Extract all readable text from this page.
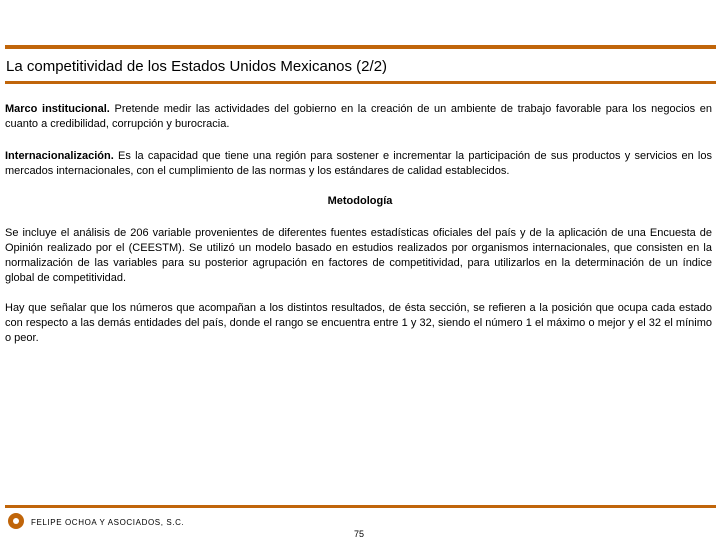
La competitividad de los Estados Unidos Mexicanos (2/2)

Marco institucional. Pretende medir las actividades del gobierno en la creación de un ambiente de trabajo favorable para los negocios en cuanto a credibilidad, corrupción y burocracia.

Internacionalización. Es la capacidad que tiene una región para sostener e incrementar la participación de sus productos y servicios en los mercados internacionales, con el cumplimiento de las normas y los estándares de calidad establecidos.

Metodología

Se incluye el análisis de 206 variable provenientes de diferentes fuentes estadísticas oficiales del país y de la aplicación de una Encuesta de Opinión realizado por el (CEESTM). Se utilizó un modelo basado en estudios realizados por organismos internacionales, que consisten en la normalización de las variables para su posterior agrupación en factores de competitividad, para utilizarlos en la determinación de un índice global de competitividad.

Hay que señalar que los números que acompañan a los distintos resultados, de ésta sección, se refieren a la posición que ocupa cada estado con respecto a las demás entidades del país, donde el rango se encuentra entre 1 y 32, siendo el número 1 el máximo o mejor y el 32 el mínimo o peor.

FELIPE OCHOA Y ASOCIADOS, S.C.
75
